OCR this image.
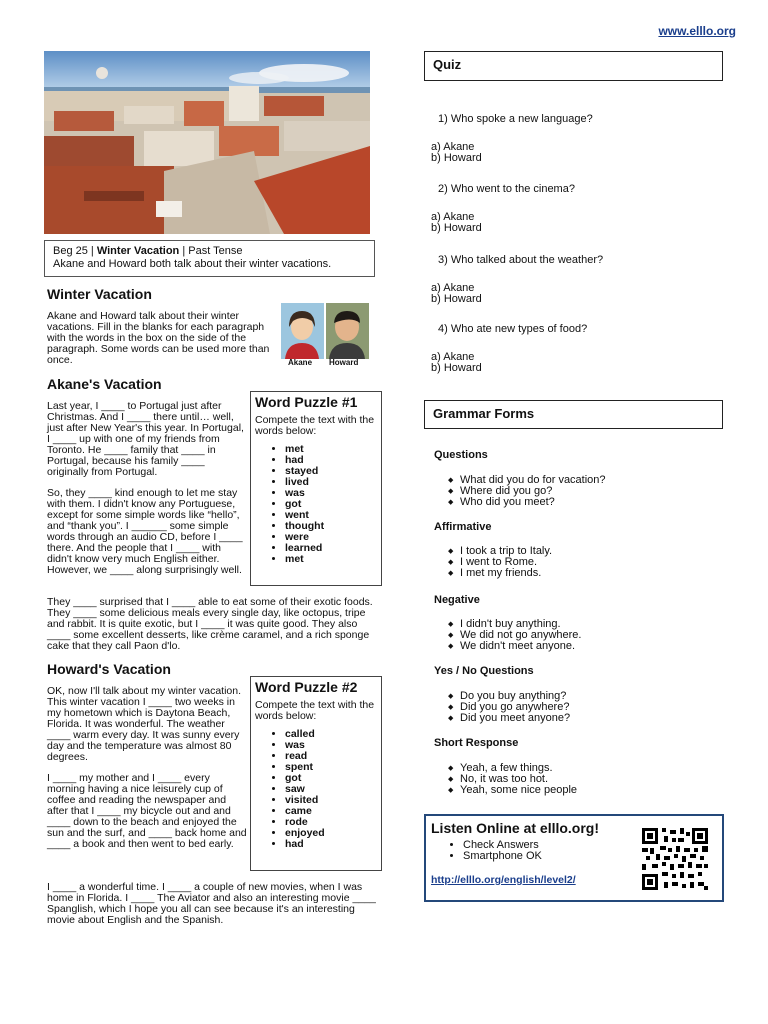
www.elllo.org
Beg 25 | Winter Vacation | Past Tense
Akane and Howard both talk about their winter vacations.
Winter Vacation
Akane and Howard talk about their winter vacations. Fill in the blanks for each paragraph with the words in the box on the side of the paragraph. Some words can be used more than once.	Akane Howard
Akane's Vacation

Last year, I ____ to Portugal just after Christmas. And I ____ there until… well, just after New Year's this year. In Portugal, I ____ up with one of my friends from Toronto. He ____ family that ____ in Portugal, because his family ____ originally from Portugal.

So, they ____ kind enough to let me stay with them. I didn't know any Portuguese, except for some simple words like “hello”, and “thank you”. I ______ some simple words through an audio CD, before I ____ there. And the people that I ____ with didn't know very much English either. However, we ____ along surprisingly well.

They ____ surprised that I ____ able to eat some of their exotic foods. They ____ some delicious meals every single day, like octopus, tripe and rabbit. It is quite exotic, but I ____ it was quite good. They also ____ some excellent desserts, like crème caramel, and a rich sponge cake that they call Paon d'lo.
Word Puzzle #1
Compete the text with the words below:
• met
• had
• stayed
• lived
• was
• got
• went
• thought
• were
• learned
• met
Howard's Vacation

OK, now I'll talk about my winter vacation. This winter vacation I ____ two weeks in my hometown which is Daytona Beach, Florida. It was wonderful. The weather ____ warm every day. It was sunny every day and the temperature was almost 80 degrees.

I ____ my mother and I ____ every morning having a nice leisurely cup of coffee and reading the newspaper and after that I ____ my bicycle out and and ____ down to the beach and enjoyed the sun and the surf, and ____ back home and ____ a book and then went to bed early.

I ____ a wonderful time. I ____ a couple of new movies, when I was home in Florida. I ____ The Aviator and also an interesting movie ____ Spanglish, which I hope you all can see because it's an interesting movie about English and the Spanish.
Word Puzzle #2
Compete the text with the words below:
• called
• was
• read
• spent
• got
• saw
• visited
• came
• rode
• enjoyed
• had
Quiz
1) Who spoke a new language?
a) Akane
b) Howard
2) Who went to the cinema?
a) Akane
b) Howard
3) Who talked about the weather?
a) Akane
b) Howard
4) Who ate new types of food?
a) Akane
b) Howard
Grammar Forms
Questions
◆ What did you do for vacation?
◆ Where did you go?
◆ Who did you meet?
Affirmative
◆ I took a trip to Italy.
◆ I went to Rome.
◆ I met my friends.
Negative
◆ I didn't buy anything.
◆ We did not go anywhere.
◆ We didn't meet anyone.
Yes / No Questions
◆ Do you buy anything?
◆ Did you go anywhere?
◆ Did you meet anyone?
Short Response
◆ Yeah, a few things.
◆ No, it was too hot.
◆ Yeah, some nice people
Listen Online at elllo.org!
• Check Answers
• Smartphone OK
http://elllo.org/english/level2/
